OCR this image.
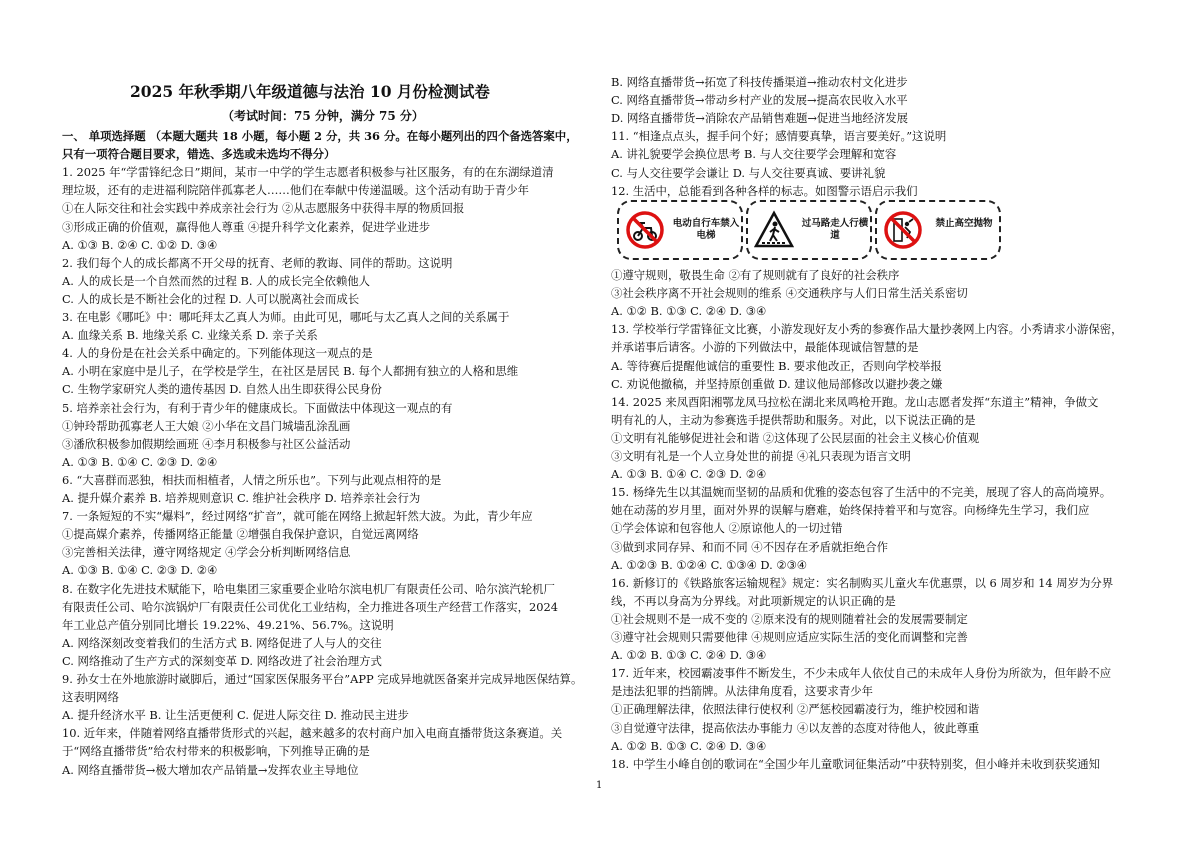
2025 年秋季期八年级道德与法治 10 月份检测试卷
（考试时间：75 分钟，满分 75 分）
一、 单项选择题 （本题大题共 18 小题，每小题 2 分，共 36 分。在每小题列出的四个备选答案中，
只有一项符合题目要求，错选、多选或未选均不得分）
1. 2025 年“学雷锋纪念日”期间，某市一中学的学生志愿者积极参与社区服务，有的在东湖绿道清
理垃圾，还有的走进福利院陪伴孤寡老人……他们在奉献中传递温暖。这个活动有助于青少年
①在人际交往和社会实践中养成亲社会行为 ②从志愿服务中获得丰厚的物质回报
③形成正确的价值观，赢得他人尊重 ④提升科学文化素养，促进学业进步
A. ①③ B. ②④ C. ①② D. ③④
2. 我们每个人的成长都离不开父母的抚育、老师的教诲、同伴的帮助。这说明
A. 人的成长是一个自然而然的过程 B. 人的成长完全依赖他人
C. 人的成长是不断社会化的过程 D. 人可以脱离社会而成长
3. 在电影《哪吒》中：哪吒拜太乙真人为师。由此可见，哪吒与太乙真人之间的关系属于
A. 血缘关系 B. 地缘关系 C. 业缘关系 D. 亲子关系
4. 人的身份是在社会关系中确定的。下列能体现这一观点的是
A. 小明在家庭中是儿子，在学校是学生，在社区是居民 B. 每个人都拥有独立的人格和思维
C. 生物学家研究人类的遗传基因 D. 自然人出生即获得公民身份
5. 培养亲社会行为，有利于青少年的健康成长。下面做法中体现这一观点的有
①钟玲帮助孤寡老人王大娘 ②小华在文昌门城墙乱涂乱画
③潘欣积极参加假期绘画班 ④李月积极参与社区公益活动
A. ①③ B. ①④ C. ②③ D. ②④
6. “大喜群而恶独，相扶而相植者，人情之所乐也”。下列与此观点相符的是
A. 提升媒介素养 B. 培养规则意识 C. 维护社会秩序 D. 培养亲社会行为
7. 一条短短的不实“爆料”，经过网络“扩音”，就可能在网络上掀起轩然大波。为此，青少年应
①提高媒介素养，传播网络正能量 ②增强自我保护意识，自觉远离网络
③完善相关法律，遵守网络规定 ④学会分析判断网络信息
A. ①③ B. ①④ C. ②③ D. ②④
8. 在数字化先进技术赋能下，哈电集团三家重要企业哈尔滨电机厂有限责任公司、哈尔滨汽轮机厂
有限责任公司、哈尔滨锅炉厂有限责任公司优化工业结构，全力推进各项生产经营工作落实，2024
年工业总产值分别同比增长 19.22%、49.21%、56.7%。这说明
A. 网络深刻改变着我们的生活方式 B. 网络促进了人与人的交往
C. 网络推动了生产方式的深刻变革 D. 网络改进了社会治理方式
9. 孙女士在外地旅游时崴脚后，通过“国家医保服务平台”APP 完成异地就医备案并完成异地医保结算。
这表明网络
A. 提升经济水平 B. 让生活更便利 C. 促进人际交往 D. 推动民主进步
10. 近年来，伴随着网络直播带货形式的兴起，越来越多的农村商户加入电商直播带货这条赛道。关
于“网络直播带货”给农村带来的积极影响，下列推导正确的是
A. 网络直播带货→极大增加农产品销量→发挥农业主导地位
B. 网络直播带货→拓宽了科技传播渠道→推动农村文化进步
C. 网络直播带货→带动乡村产业的发展→提高农民收入水平
D. 网络直播带货→消除农产品销售难题→促进当地经济发展
11. “相逢点点头，握手问个好；感情要真挚，语言要美好。”这说明
A. 讲礼貌要学会换位思考 B. 与人交往要学会理解和宽容
C. 与人交往要学会谦让 D. 与人交往要真诚、要讲礼貌
12. 生活中，总能看到各种各样的标志。如图警示语启示我们
电动自行车禁入电梯
过马路走人行横道
禁止高空抛物
①遵守规则，敬畏生命 ②有了规则就有了良好的社会秩序
③社会秩序离不开社会规则的维系 ④交通秩序与人们日常生活关系密切
A. ①② B. ①③ C. ②④ D. ③④
13. 学校举行学雷锋征文比赛，小游发现好友小秀的参赛作品大量抄袭网上内容。小秀请求小游保密，
并承诺事后请客。小游的下列做法中，最能体现诚信智慧的是
A. 等待赛后提醒他诚信的重要性 B. 要求他改正，否则向学校举报
C. 劝说他撤稿，并坚持原创重做 D. 建议他局部修改以避抄袭之嫌
14. 2025 来凤酉阳湘鄂龙凤马拉松在湖北来凤鸣枪开跑。龙山志愿者发挥“东道主”精神，争做文
明有礼的人，主动为参赛选手提供帮助和服务。对此，以下说法正确的是
①文明有礼能够促进社会和谐 ②这体现了公民层面的社会主义核心价值观
③文明有礼是一个人立身处世的前提 ④礼只表现为语言文明
A. ①③ B. ①④ C. ②③ D. ②④
15. 杨绛先生以其温婉而坚韧的品质和优雅的姿态包容了生活中的不完美，展现了容人的高尚境界。
她在动荡的岁月里，面对外界的误解与磨难，始终保持着平和与宽容。向杨绛先生学习，我们应
①学会体谅和包容他人 ②原谅他人的一切过错
③做到求同存异、和而不同 ④不因存在矛盾就拒绝合作
A. ①②③ B. ①②④ C. ①③④ D. ②③④
16. 新修订的《铁路旅客运输规程》规定：实名制购买儿童火车优惠票，以 6 周岁和 14 周岁为分界
线，不再以身高为分界线。对此项新规定的认识正确的是
①社会规则不是一成不变的 ②原来没有的规则随着社会的发展需要制定
③遵守社会规则只需要他律 ④规则应适应实际生活的变化而调整和完善
A. ①② B. ①③ C. ②④ D. ③④
17. 近年来，校园霸凌事件不断发生，不少未成年人依仗自己的未成年人身份为所欲为，但年龄不应
是违法犯罪的挡箭牌。从法律角度看，这要求青少年
①正确理解法律，依照法律行使权利 ②严惩校园霸凌行为，维护校园和谐
③自觉遵守法律，提高依法办事能力 ④以友善的态度对待他人，彼此尊重
A. ①② B. ①③ C. ②④ D. ③④
18. 中学生小峰自创的歌词在“全国少年儿童歌词征集活动”中获特别奖，但小峰并未收到获奖通知
1
